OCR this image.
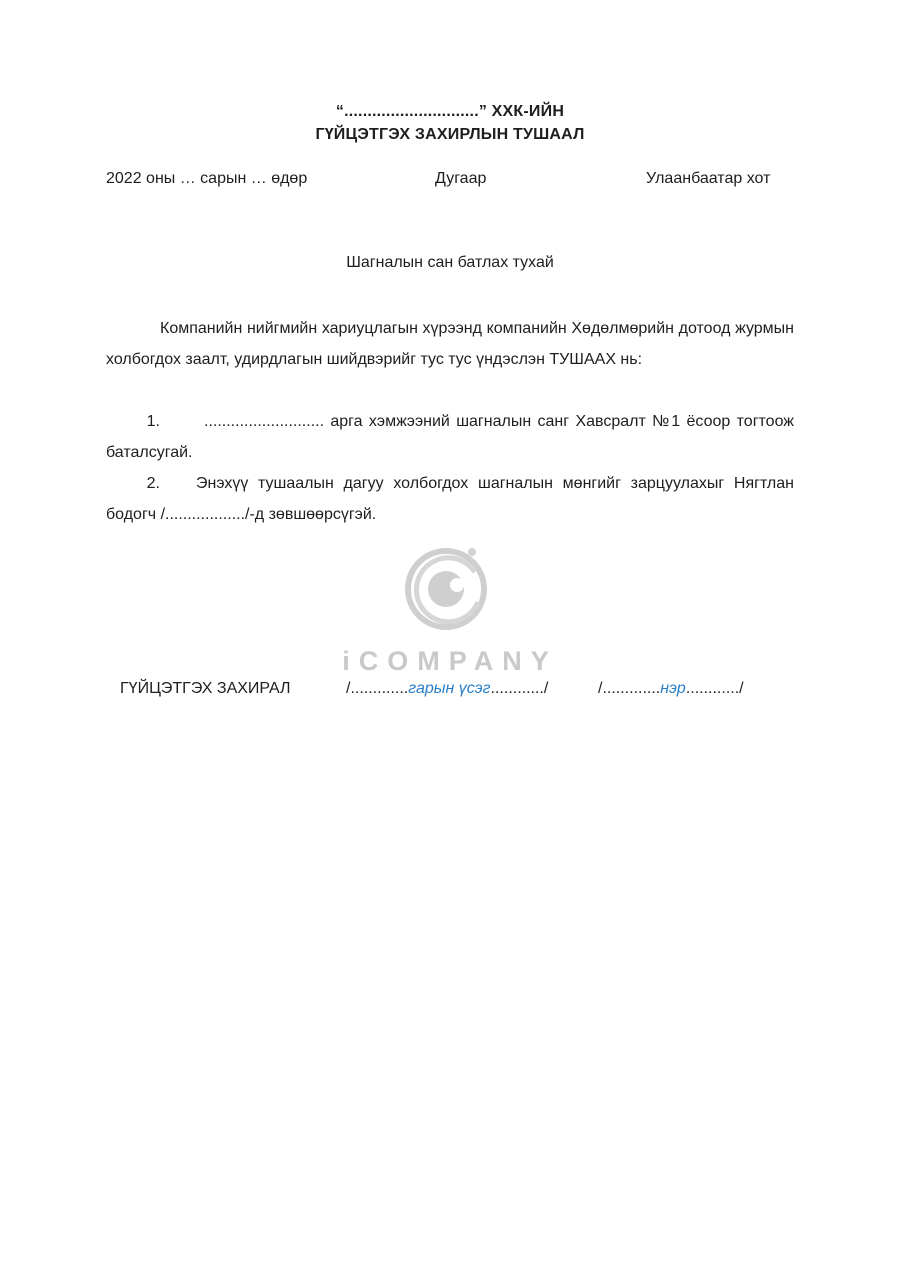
“.............................” ХХК-ИЙН
ГҮЙЦЭТГЭХ ЗАХИРЛЫН ТУШААЛ
2022 оны … сарын … өдөр	Дугаар	Улаанбаатар хот
Шагналын сан батлах тухай
Компанийн нийгмийн хариуцлагын хүрээнд компанийн Хөдөлмөрийн дотоод журмын холбогдох заалт, удирдлагын шийдвэрийг тус тус үндэслэн ТУШААХ нь:
1.	........................... арга хэмжээний шагналын санг Хавсралт №1 ёсоор тогтоож баталсугай.
2. Энэхүү тушаалын дагуу холбогдох шагналын мөнгийг зарцуулахыг Нягтлан бодогч /................../-д зөвшөөрсүгэй.
iCOMPANY
ГҮЙЦЭТГЭХ ЗАХИРАЛ	/.............гарын үсэг............/	/.............нэр............/
